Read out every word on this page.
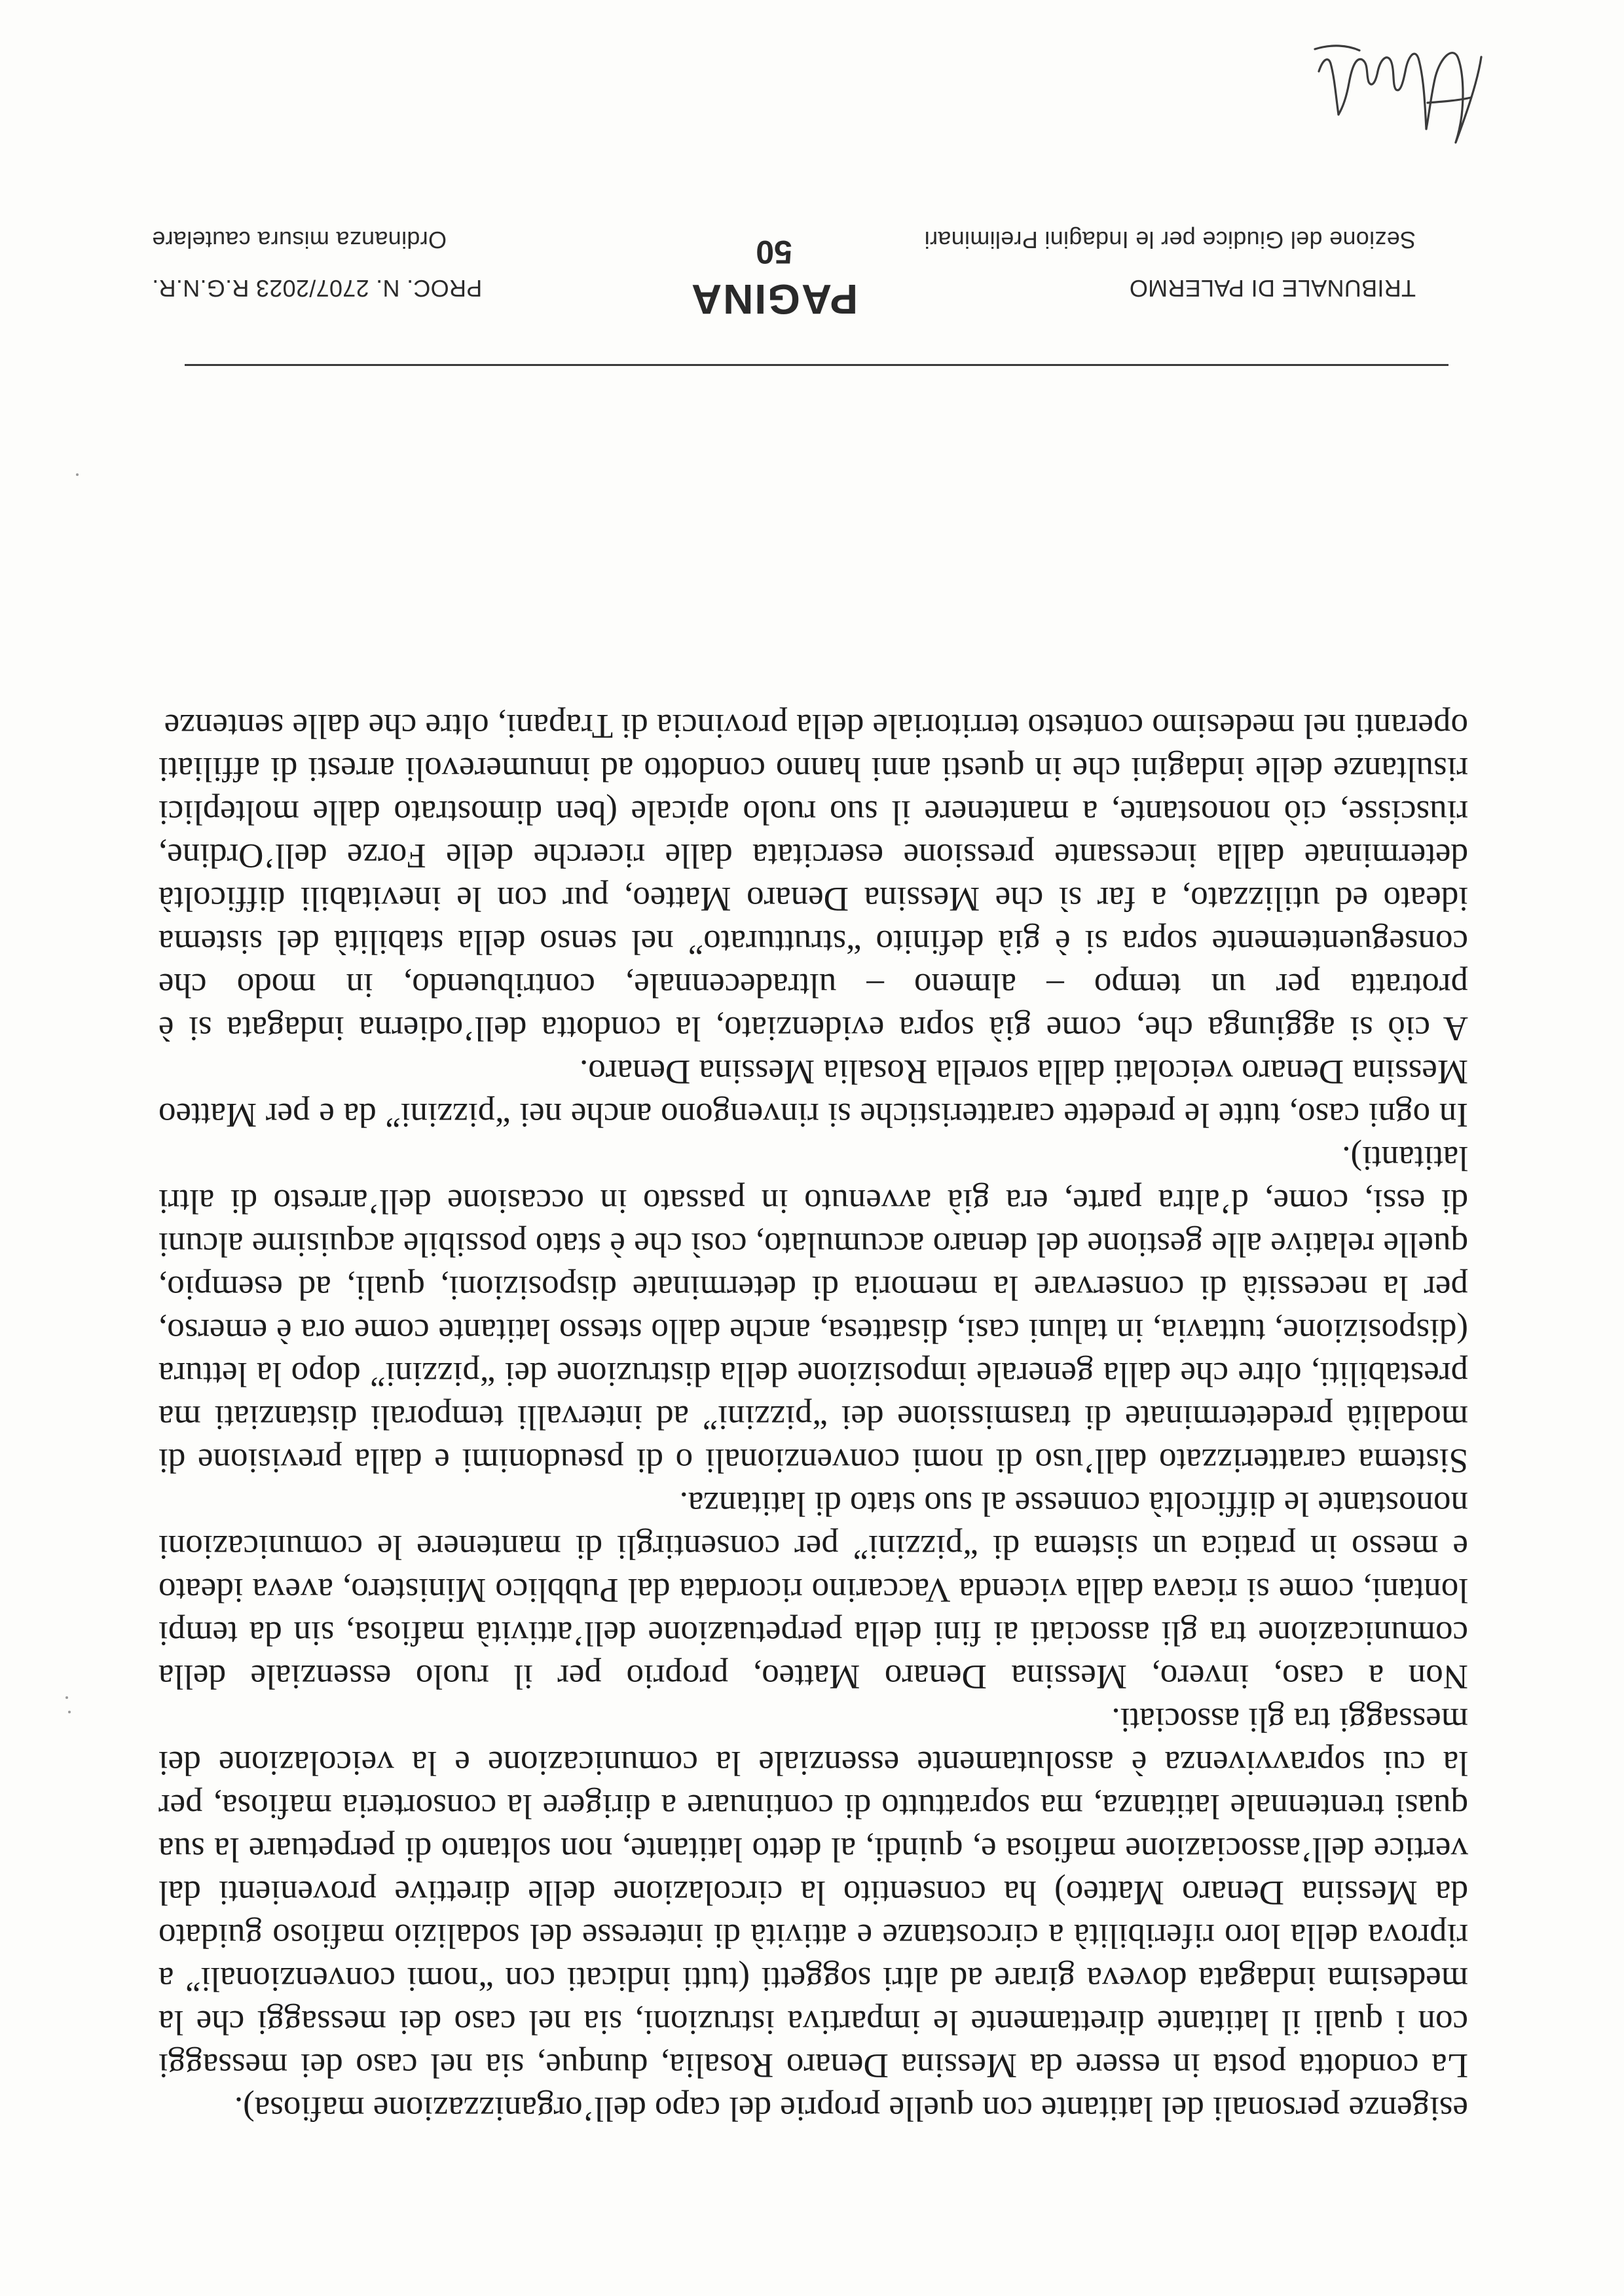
TRIBUNALE DI PALERMO
Sezione del Giudice per le Indagini Preliminari
PAGINA
50
PROC. N. 2707/2023 R.G.N.R.
Ordinanza misura cautelare

esigenze personali del latitante con quelle proprie del capo dell’organizzazione mafiosa).

La condotta posta in essere da Messina Denaro Rosalia, dunque, sia nel caso dei messaggi con i quali il latitante direttamente le impartiva istruzioni, sia nel caso dei messaggi che la medesima indagata doveva girare ad altri soggetti (tutti indicati con “nomi convenzionali” a riprova della loro riferibilità a circostanze e attività di interesse del sodalizio mafioso guidato da Messina Denaro Matteo) ha consentito la circolazione delle direttive provenienti dal vertice dell’associazione mafiosa e, quindi, al detto latitante, non soltanto di perpetuare la sua quasi trentennale latitanza, ma soprattutto di continuare a dirigere la consorteria mafiosa, per la cui sopravvivenza è assolutamente essenziale la comunicazione e la veicolazione dei messaggi tra gli associati.

Non a caso, invero, Messina Denaro Matteo, proprio per il ruolo essenziale della comunicazione tra gli associati ai fini della perpetuazione dell’attività mafiosa, sin da tempi lontani, come si ricava dalla vicenda Vaccarino ricordata dal Pubblico Ministero, aveva ideato e messo in pratica un sistema di “pizzini” per consentirgli di mantenere le comunicazioni nonostante le difficoltà connesse al suo stato di latitanza.

Sistema caratterizzato dall’uso di nomi convenzionali o di pseudonimi e dalla previsione di modalità predeterminate di trasmissione dei “pizzini” ad intervalli temporali distanziati ma prestabiliti, oltre che dalla generale imposizione della distruzione dei “pizzini” dopo la lettura (disposizione, tuttavia, in taluni casi, disattesa, anche dallo stesso latitante come ora è emerso, per la necessità di conservare la memoria di determinate disposizioni, quali, ad esempio, quelle relative alle gestione del denaro accumulato, così che è stato possibile acquisirne alcuni di essi, come, d’altra parte, era già avvenuto in passato in occasione dell’arresto di altri latitanti).

In ogni caso, tutte le predette caratteristiche si rinvengono anche nei “pizzini” da e per Matteo Messina Denaro veicolati dalla sorella Rosalia Messina Denaro.

A ciò si aggiunga che, come già sopra evidenziato, la condotta dell’odierna indagata si è protratta per un tempo – almeno – ultradecennale, contribuendo, in modo che conseguentemente sopra si è già definito “strutturato” nel senso della stabilità del sistema ideato ed utilizzato, a far sì che Messina Denaro Matteo, pur con le inevitabili difficoltà determinate dalla incessante pressione esercitata dalle ricerche delle Forze dell’Ordine, riuscisse, ciò nonostante, a mantenere il suo ruolo apicale (ben dimostrato dalle molteplici risultanze delle indagini che in questi anni hanno condotto ad innumerevoli arresti di affiliati operanti nel medesimo contesto territoriale della provincia di Trapani, oltre che dalle sentenze
